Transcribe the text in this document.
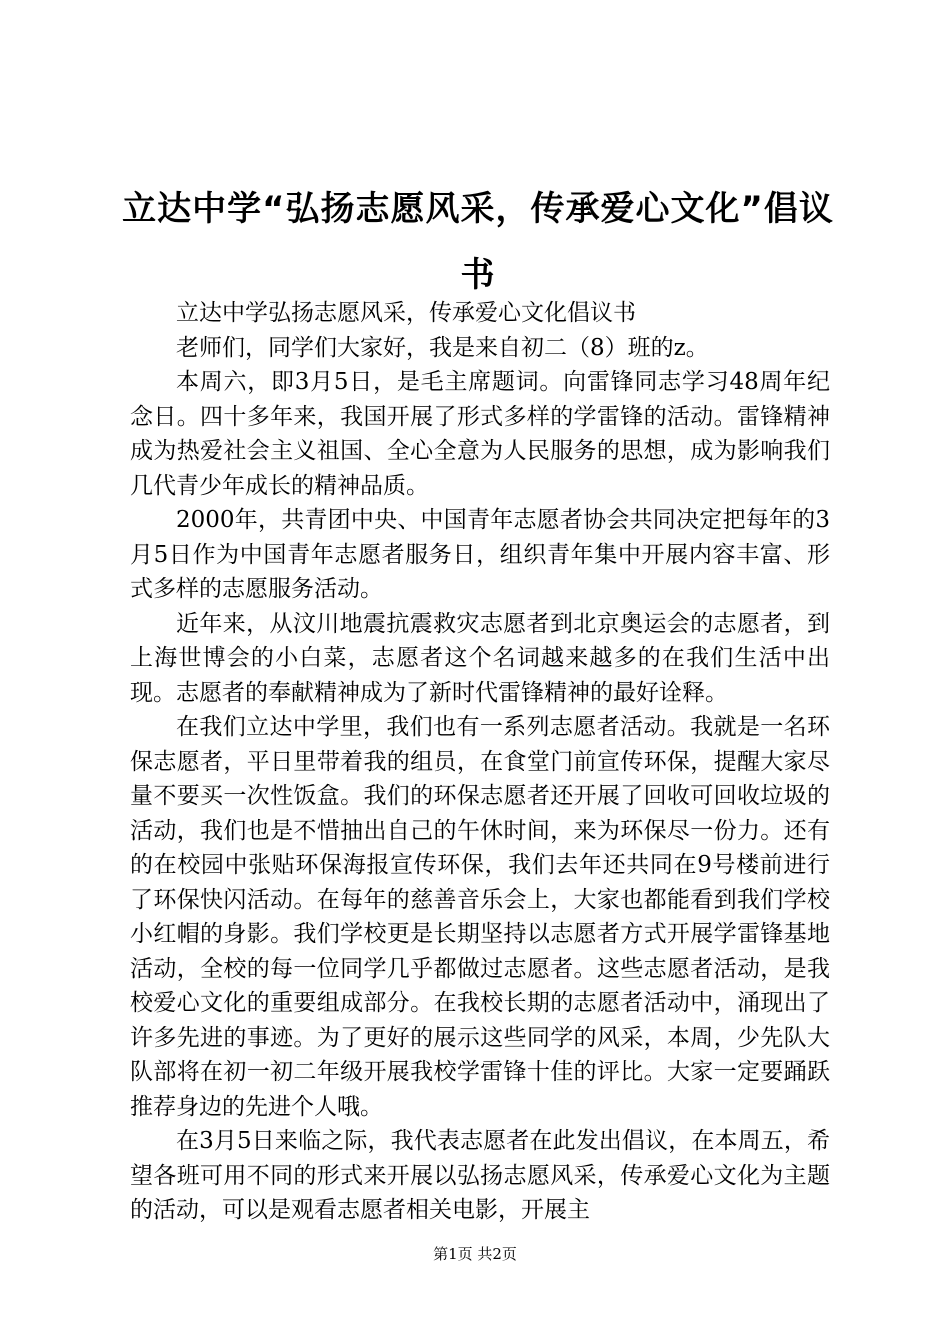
立达中学“弘扬志愿风采，传承爱心文化”倡议书

立达中学弘扬志愿风采，传承爱心文化倡议书

老师们，同学们大家好，我是来自初二（8）班的z。

本周六，即3月5日，是毛主席题词。向雷锋同志学习48周年纪念日。四十多年来，我国开展了形式多样的学雷锋的活动。雷锋精神成为热爱社会主义祖国、全心全意为人民服务的思想，成为影响我们几代青少年成长的精神品质。

2000年，共青团中央、中国青年志愿者协会共同决定把每年的3月5日作为中国青年志愿者服务日，组织青年集中开展内容丰富、形式多样的志愿服务活动。

近年来，从汶川地震抗震救灾志愿者到北京奥运会的志愿者，到上海世博会的小白菜，志愿者这个名词越来越多的在我们生活中出现。志愿者的奉献精神成为了新时代雷锋精神的最好诠释。

在我们立达中学里，我们也有一系列志愿者活动。我就是一名环保志愿者，平日里带着我的组员，在食堂门前宣传环保，提醒大家尽量不要买一次性饭盒。我们的环保志愿者还开展了回收可回收垃圾的活动，我们也是不惜抽出自己的午休时间，来为环保尽一份力。还有的在校园中张贴环保海报宣传环保，我们去年还共同在9号楼前进行了环保快闪活动。在每年的慈善音乐会上，大家也都能看到我们学校小红帽的身影。我们学校更是长期坚持以志愿者方式开展学雷锋基地活动，全校的每一位同学几乎都做过志愿者。这些志愿者活动，是我校爱心文化的重要组成部分。在我校长期的志愿者活动中，涌现出了许多先进的事迹。为了更好的展示这些同学的风采，本周，少先队大队部将在初一初二年级开展我校学雷锋十佳的评比。大家一定要踊跃推荐身边的先进个人哦。

在3月5日来临之际，我代表志愿者在此发出倡议，在本周五，希望各班可用不同的形式来开展以弘扬志愿风采，传承爱心文化为主题的活动，可以是观看志愿者相关电影，开展主

第1页 共2页
